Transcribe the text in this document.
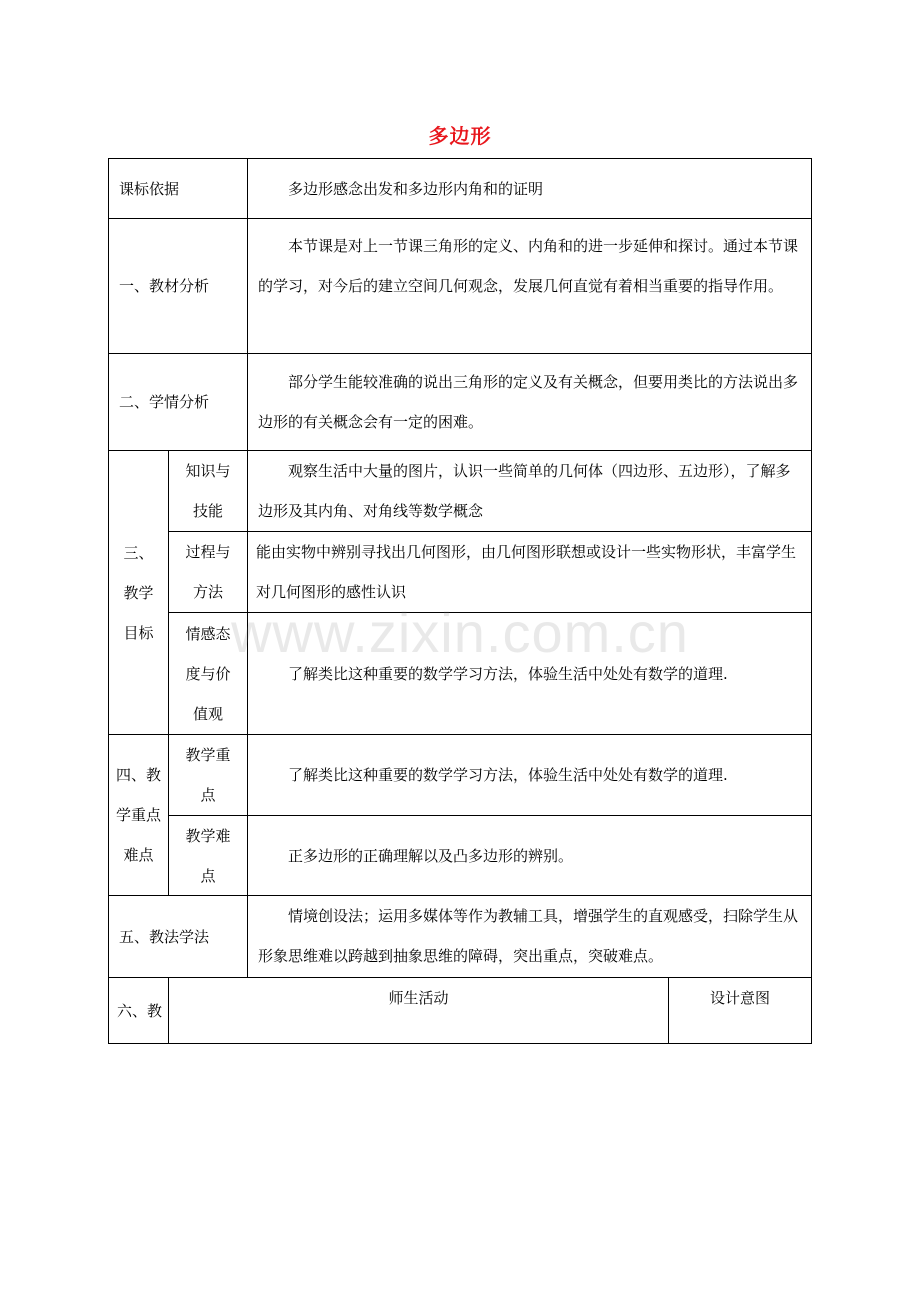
多边形
www.zixin.com.cn
课标依据	多边形感念出发和多边形内角和的证明
一、教材分析
本节课是对上一节课三角形的定义、内角和的进一步延伸和探讨。通过本节课的学习，对今后的建立空间几何观念，发展几何直觉有着相当重要的指导作用。
二、学情分析
部分学生能较准确的说出三角形的定义及有关概念，但要用类比的方法说出多边形的有关概念会有一定的困难。
三、教学目标
知识与技能
观察生活中大量的图片，认识一些简单的几何体（四边形、五边形），了解多边形及其内角、对角线等数学概念
过程与方法
能由实物中辨别寻找出几何图形，由几何图形联想或设计一些实物形状，丰富学生对几何图形的感性认识
情感态度与价值观
了解类比这种重要的数学学习方法，体验生活中处处有数学的道理.
四、教学重点难点
教学重点
了解类比这种重要的数学学习方法，体验生活中处处有数学的道理.
教学难点
正多边形的正确理解以及凸多边形的辨别。
五、教法学法
情境创设法；运用多媒体等作为教辅工具，增强学生的直观感受，扫除学生从形象思维难以跨越到抽象思维的障碍，突出重点，突破难点。
六、教
师生活动	设计意图
